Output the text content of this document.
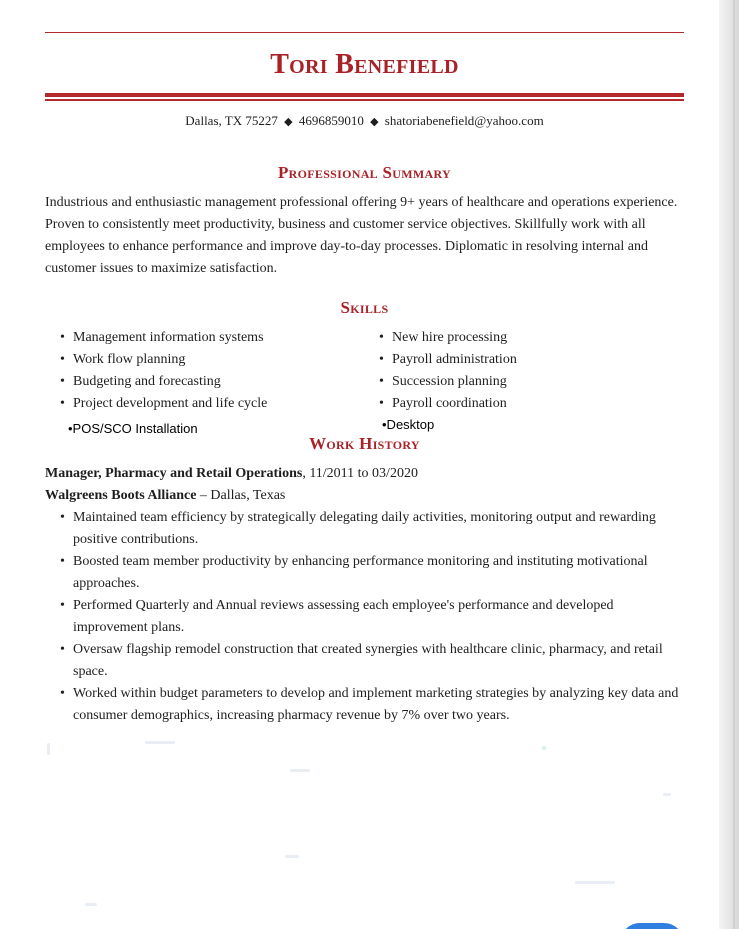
Tori Benefield
Dallas, TX 75227 ◆ 4696859010 ◆ shatoriabenefield@yahoo.com
Professional Summary

Industrious and enthusiastic management professional offering 9+ years of healthcare and operations experience. Proven to consistently meet productivity, business and customer service objectives. Skillfully work with all employees to enhance performance and improve day-to-day processes. Diplomatic in resolving internal and customer issues to maximize satisfaction.

Skills
• Management information systems
• Work flow planning
• Budgeting and forecasting
• Project development and life cycle
• New hire processing
• Payroll administration
• Succession planning
• Payroll coordination
•POS/SCO Installation	•Desktop
Work History
Manager, Pharmacy and Retail Operations, 11/2011 to 03/2020
Walgreens Boots Alliance – Dallas, Texas
• Maintained team efficiency by strategically delegating daily activities, monitoring output and rewarding positive contributions.
• Boosted team member productivity by enhancing performance monitoring and instituting motivational approaches.
• Performed Quarterly and Annual reviews assessing each employee's performance and developed improvement plans.
• Oversaw flagship remodel construction that created synergies with healthcare clinic, pharmacy, and retail space.
• Worked within budget parameters to develop and implement marketing strategies by analyzing key data and consumer demographics, increasing pharmacy revenue by 7% over two years.
